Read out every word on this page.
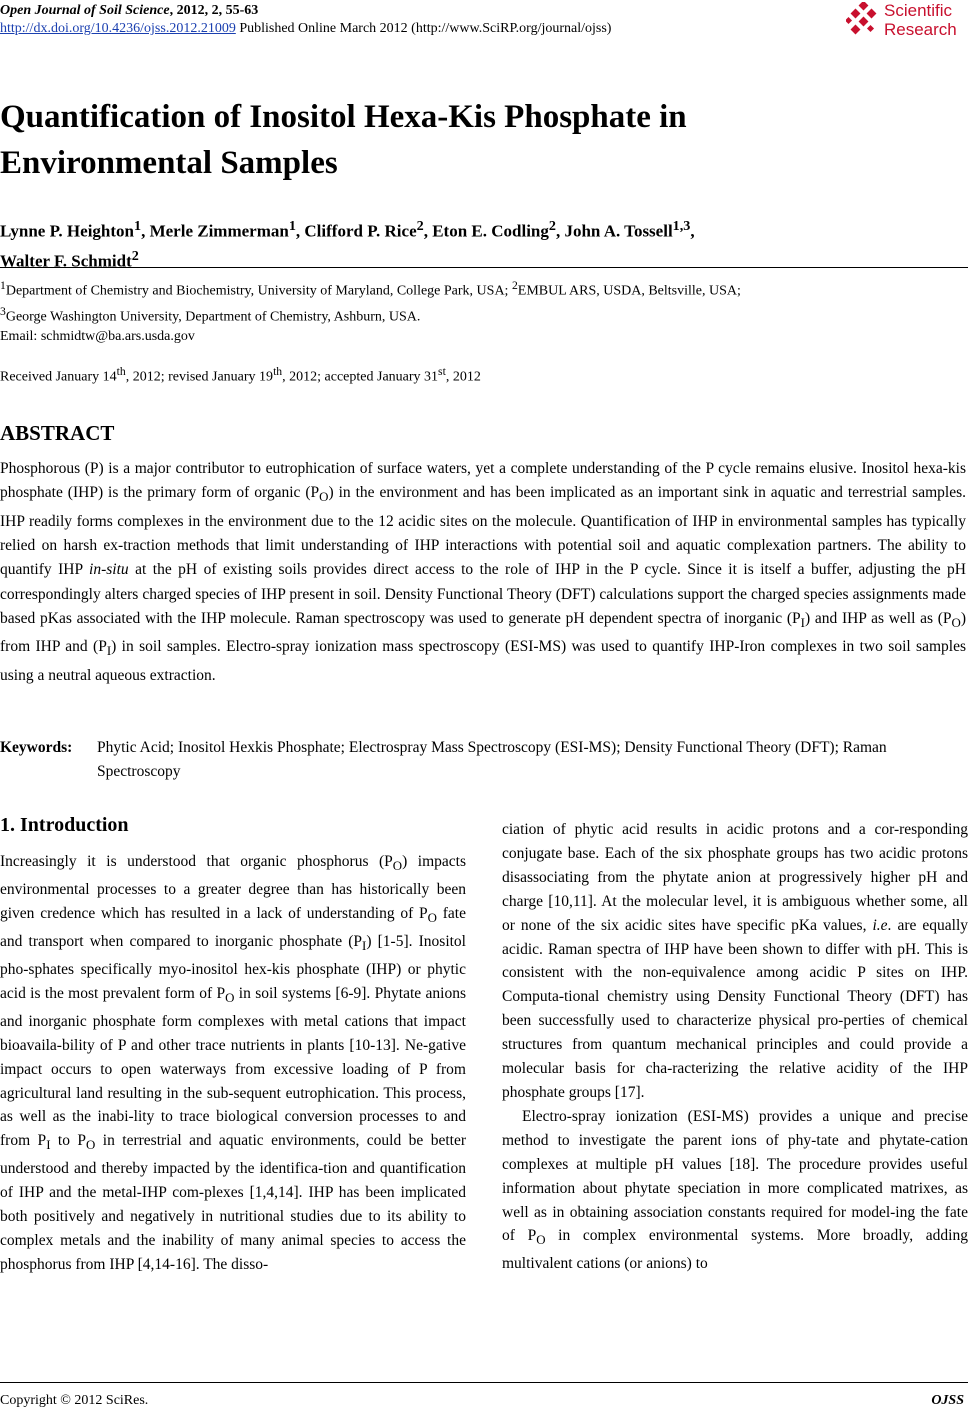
Open Journal of Soil Science, 2012, 2, 55-63
http://dx.doi.org/10.4236/ojss.2012.21009 Published Online March 2012 (http://www.SciRP.org/journal/ojss)
Scientific
Research
Quantification of Inositol Hexa-Kis Phosphate in
Environmental Samples
Lynne P. Heighton$^1$, Merle Zimmerman$^1$, Clifford P. Rice$^2$, Eton E. Codling$^2$, John A. Tossell$^{1,3}$,
Walter F. Schmidt$^2$
$^1$Department of Chemistry and Biochemistry, University of Maryland, College Park, USA; $^2$EMBUL ARS, USDA, Beltsville, USA;
$^3$George Washington University, Department of Chemistry, Ashburn, USA.
Email: schmidtw@ba.ars.usda.gov
Received January 14th, 2012; revised January 19th, 2012; accepted January 31st, 2012
ABSTRACT
Phosphorous (P) is a major contributor to eutrophication of surface waters, yet a complete understanding of the P cycle remains elusive. Inositol hexa-kis phosphate (IHP) is the primary form of organic $(P_O)$ in the environment and has been implicated as an important sink in aquatic and terrestrial samples. IHP readily forms complexes in the environment due to the 12 acidic sites on the molecule. Quantification of IHP in environmental samples has typically relied on harsh ex-traction methods that limit understanding of IHP interactions with potential soil and aquatic complexation partners. The ability to quantify IHP in-situ at the pH of existing soils provides direct access to the role of IHP in the P cycle. Since it is itself a buffer, adjusting the pH correspondingly alters charged species of IHP present in soil. Density Functional Theory (DFT) calculations support the charged species assignments made based pKas associated with the IHP molecule. Raman spectroscopy was used to generate pH dependent spectra of inorganic $(P_I)$ and IHP as well as $(P_O)$ from IHP and $(P_I)$ in soil samples. Electro-spray ionization mass spectroscopy (ESI-MS) was used to quantify IHP-Iron complexes in two soil samples using a neutral aqueous extraction.
Keywords: Phytic Acid; Inositol Hexkis Phosphate; Electrospray Mass Spectroscopy (ESI-MS); Density Functional Theory (DFT); Raman Spectroscopy
1. Introduction

Increasingly it is understood that organic phosphorus $(P_O)$ impacts environmental processes to a greater degree than has historically been given credence which has resulted in a lack of understanding of $P_O$ fate and transport when compared to inorganic phosphate $(P_I)$ [1-5]. Inositol pho-sphates specifically myo-inositol hex-kis phosphate (IHP) or phytic acid is the most prevalent form of $P_O$ in soil systems [6-9]. Phytate anions and inorganic phosphate form complexes with metal cations that impact bioavaila-bility of P and other trace nutrients in plants [10-13]. Ne-gative impact occurs to open waterways from excessive loading of P from agricultural land resulting in the sub-sequent eutrophication. This process, as well as the inabi-lity to trace biological conversion processes to and from $P_I$ to $P_O$ in terrestrial and aquatic environments, could be better understood and thereby impacted by the identifica-tion and quantification of IHP and the metal-IHP com-plexes [1,4,14]. IHP has been implicated both positively and negatively in nutritional studies due to its ability to complex metals and the inability of many animal species to access the phosphorus from IHP [4,14-16]. The disso-

ciation of phytic acid results in acidic protons and a cor-responding conjugate base. Each of the six phosphate groups has two acidic protons disassociating from the phytate anion at progressively higher pH and charge [10,11]. At the molecular level, it is ambiguous whether some, all or none of the six acidic sites have specific pKa values, i.e. are equally acidic. Raman spectra of IHP have been shown to differ with pH. This is consistent with the non-equivalence among acidic P sites on IHP. Computa-tional chemistry using Density Functional Theory (DFT) has been successfully used to characterize physical pro-perties of chemical structures from quantum mechanical principles and could provide a molecular basis for cha-racterizing the relative acidity of the IHP phosphate groups [17].

Electro-spray ionization (ESI-MS) provides a unique and precise method to investigate the parent ions of phy-tate and phytate-cation complexes at multiple pH values [18]. The procedure provides useful information about phytate speciation in more complicated matrixes, as well as in obtaining association constants required for model-ing the fate of $P_O$ in complex environmental systems. More broadly, adding multivalent cations (or anions) to

Copyright © 2012 SciRes.	OJSS
